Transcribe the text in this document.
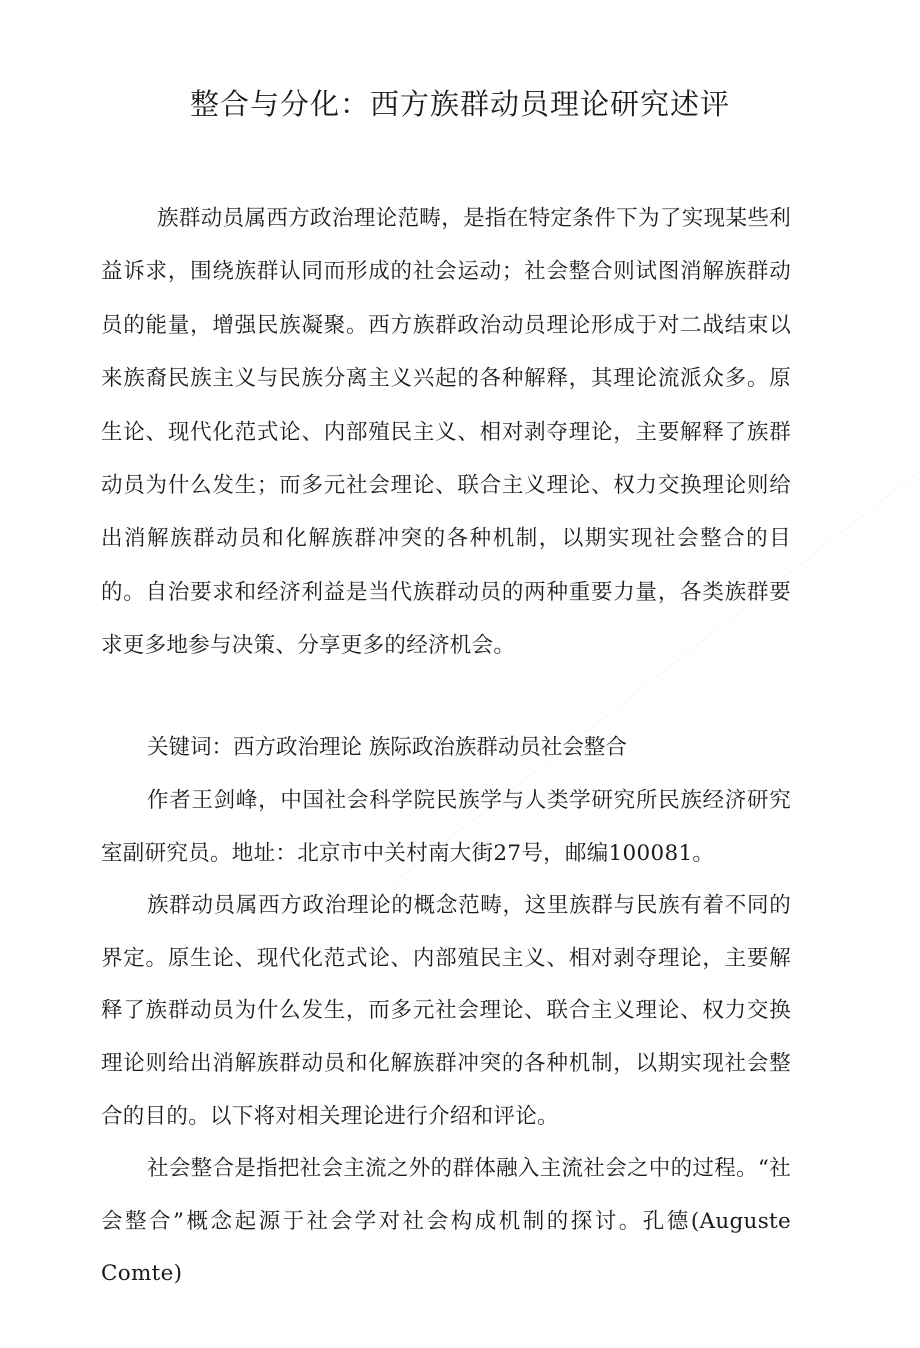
整合与分化：西方族群动员理论研究述评

族群动员属西方政治理论范畴，是指在特定条件下为了实现某些利益诉求，围绕族群认同而形成的社会运动；社会整合则试图消解族群动员的能量，增强民族凝聚。西方族群政治动员理论形成于对二战结束以来族裔民族主义与民族分离主义兴起的各种解释，其理论流派众多。原生论、现代化范式论、内部殖民主义、相对剥夺理论，主要解释了族群动员为什么发生；而多元社会理论、联合主义理论、权力交换理论则给出消解族群动员和化解族群冲突的各种机制，以期实现社会整合的目的。自治要求和经济利益是当代族群动员的两种重要力量，各类族群要求更多地参与决策、分享更多的经济机会。

关键词：西方政治理论 族际政治族群动员社会整合

作者王剑峰，中国社会科学院民族学与人类学研究所民族经济研究室副研究员。地址：北京市中关村南大街27号，邮编100081。

族群动员属西方政治理论的概念范畴，这里族群与民族有着不同的界定。原生论、现代化范式论、内部殖民主义、相对剥夺理论，主要解释了族群动员为什么发生，而多元社会理论、联合主义理论、权力交换理论则给出消解族群动员和化解族群冲突的各种机制，以期实现社会整合的目的。以下将对相关理论进行介绍和评论。

社会整合是指把社会主流之外的群体融入主流社会之中的过程。“社会整合”概念起源于社会学对社会构成机制的探讨。孔德(Auguste Comte)
